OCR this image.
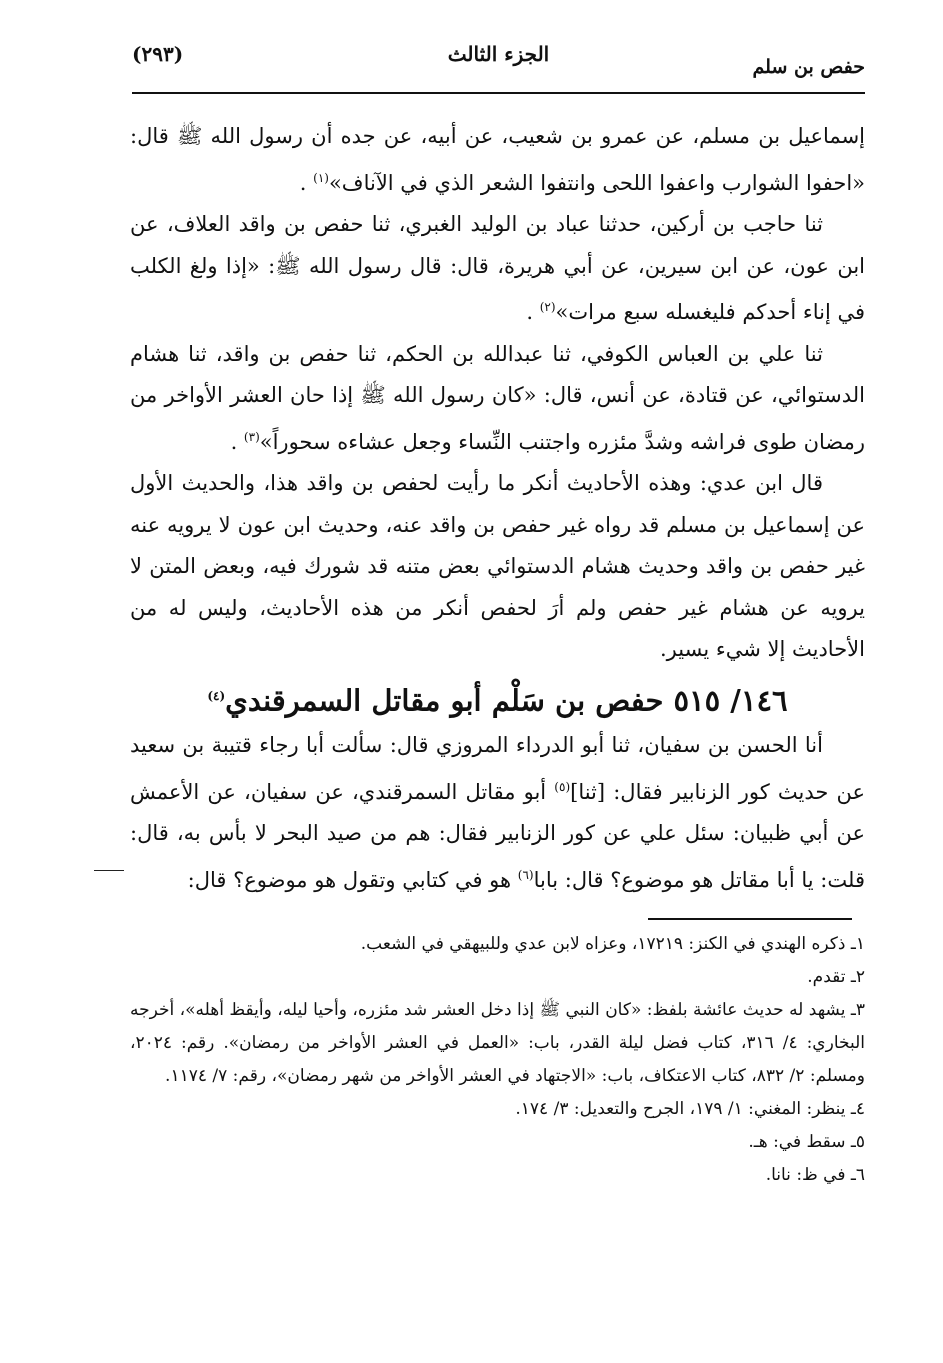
حفص بن سلم
الجزء الثالث
(٢٩٣)

إسماعيل بن مسلم، عن عمرو بن شعيب، عن أبيه، عن جده أن رسول الله ﷺ قال: «احفوا الشوارب واعفوا اللحى وانتفوا الشعر الذي في الآناف»$^{(١)}$ .

ثنا حاجب بن أركين، حدثنا عباد بن الوليد الغبري، ثنا حفص بن واقد العلاف، عن ابن عون، عن ابن سيرين، عن أبي هريرة، قال: قال رسول الله ﷺ: «إذا ولغ الكلب في إناء أحدكم فليغسله سبع مرات»$^{(٢)}$ .

ثنا علي بن العباس الكوفي، ثنا عبدالله بن الحكم، ثنا حفص بن واقد، ثنا هشام الدستوائي، عن قتادة، عن أنس، قال: «كان رسول الله ﷺ إذا حان العشر الأواخر من رمضان طوى فراشه وشدَّ مئزره واجتنب النِّساء وجعل عشاءه سحوراً»$^{(٣)}$ .

قال ابن عدي: وهذه الأحاديث أنكر ما رأيت لحفص بن واقد هذا، والحديث الأول عن إسماعيل بن مسلم قد رواه غير حفص بن واقد عنه، وحديث ابن عون لا يرويه عنه غير حفص بن واقد وحديث هشام الدستوائي بعض متنه قد شورك فيه، وبعض المتن لا يرويه عن هشام غير حفص ولم أرَ لحفص أنكر من هذه الأحاديث، وليس له من الأحاديث إلا شيء يسير.

١٤٦/ ٥١٥ حفص بن سَلْم أبو مقاتل السمرقندي$^{(٤)}$

أنا الحسن بن سفيان، ثنا أبو الدرداء المروزي قال: سألت أبا رجاء قتيبة بن سعيد عن حديث كور الزنابير فقال: [ثنا]$^{(٥)}$ أبو مقاتل السمرقندي، عن سفيان، عن الأعمش عن أبي ظبيان: سئل علي عن كور الزنابير فقال: هم من صيد البحر لا بأس به، قال: قلت: يا أبا مقاتل هو موضوع؟ قال: بابا$^{(٦)}$ هو في كتابي وتقول هو موضوع؟ قال:

١ـ ذكره الهندي في الكنز: ١٧٢١٩، وعزاه لابن عدي وللبيهقي في الشعب.

٢ـ تقدم.

٣ـ يشهد له حديث عائشة بلفظ: «كان النبي ﷺ إذا دخل العشر شد مئزره، وأحيا ليله، وأيقظ أهله»، أخرجه البخاري: ٤/ ٣١٦، كتاب فضل ليلة القدر، باب: «العمل في العشر الأواخر من رمضان». رقم: ٢٠٢٤، ومسلم: ٢/ ٨٣٢، كتاب الاعتكاف، باب: «الاجتهاد في العشر الأواخر من شهر رمضان»، رقم: ٧/ ١١٧٤.

٤ـ ينظر: المغني: ١/ ١٧٩، الجرح والتعديل: ٣/ ١٧٤.

٥ـ سقط في: هـ.

٦ـ في ظ: نانا.
